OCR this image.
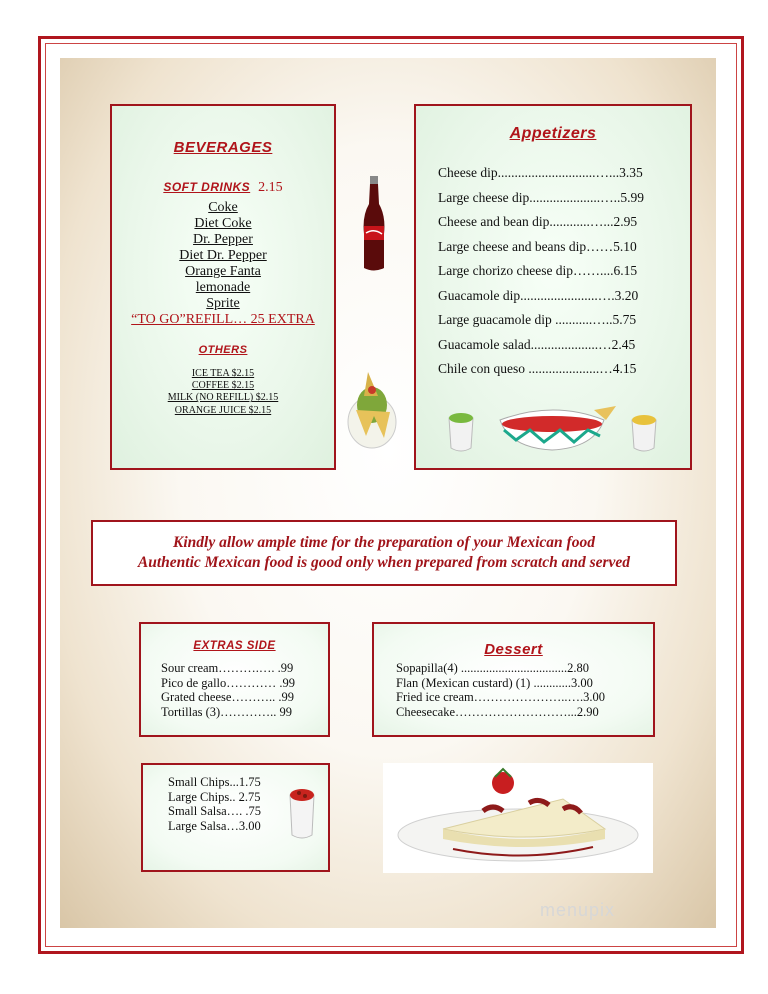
BEVERAGES
SOFT DRINKS 2.15
Coke
Diet Coke
Dr. Pepper
Diet Dr. Pepper
Orange Fanta
lemonade
Sprite
“TO GO”REFILL… 25 EXTRA
OTHERS
ICE TEA $2.15
COFFEE $2.15
MILK (NO REFILL) $2.15
ORANGE JUICE $2.15
Appetizers
Cheese dip.............................…...3.35
Large cheese dip.....................…..5.99
Cheese and bean dip............…...2.95
Large cheese and beans dip……5.10
Large chorizo cheese dip……....6.15
Guacamole dip.......................….3.20
Large guacamole dip ...........…..5.75
Guacamole salad....................…2.45
Chile con queso .....................…4.15
Kindly allow ample time for the preparation of your Mexican food
Authentic Mexican food is good only when prepared from scratch and served
EXTRAS SIDE
Sour cream……….…. .99
Pico de gallo………… .99
Grated cheese……….. .99
Tortillas (3)………….. 99
Dessert
Sopapilla(4) ..................................2.80
Flan (Mexican custard) (1) ............3.00
Fried ice cream…………………..….3.00
Cheesecake………………………...2.90
Small Chips...1.75
Large Chips.. 2.75
Small Salsa…. .75
Large Salsa…3.00
menupix
